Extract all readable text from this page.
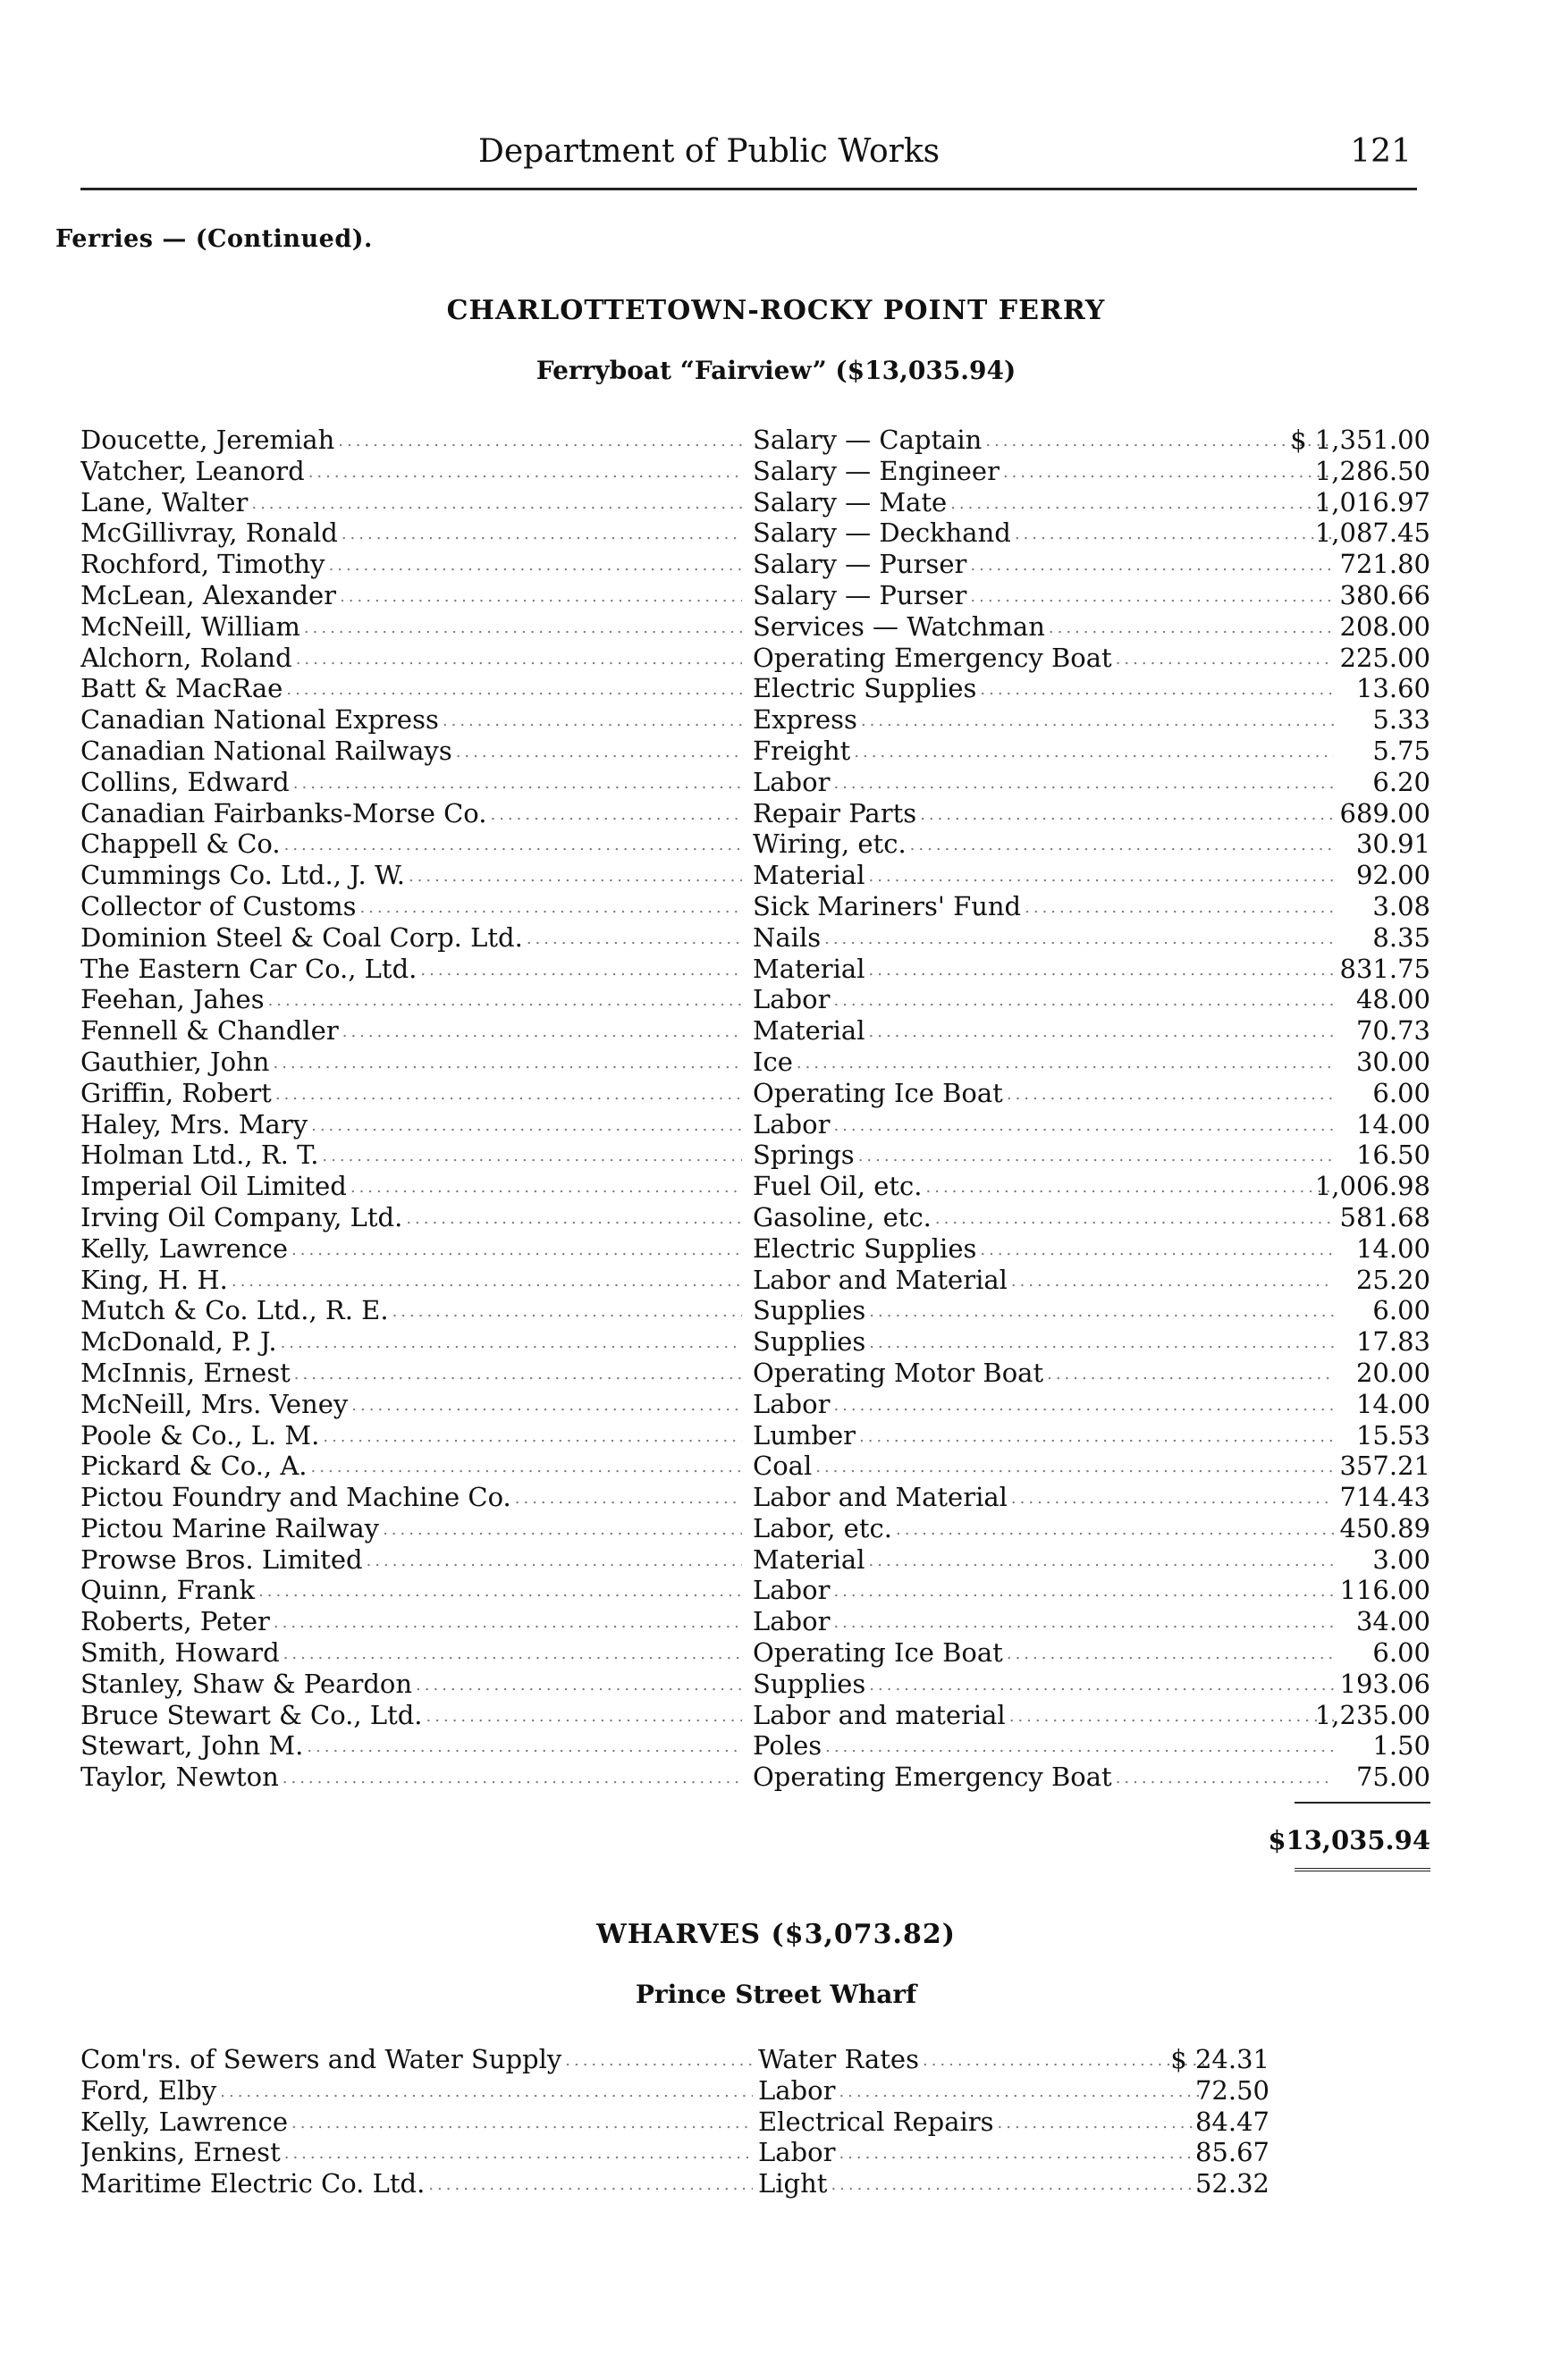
Department of Public Works	121
Ferries — (Continued).
CHARLOTTETOWN-ROCKY POINT FERRY
Ferryboat “Fairview” ($13,035.94)
Doucette, Jeremiah .....	Salary — Captain .....	$ 1,351.00
Vatcher, Leanord .....	Salary — Engineer .....	1,286.50
Lane, Walter .....	Salary — Mate .....	1,016.97
McGillivray, Ronald .....	Salary — Deckhand .....	1,087.45
Rochford, Timothy .....	Salary — Purser .....	721.80
McLean, Alexander .....	Salary — Purser .....	380.66
McNeill, William .....	Services — Watchman .....	208.00
Alchorn, Roland .....	Operating Emergency Boat .....	225.00
Batt & MacRae .....	Electric Supplies .....	13.60
Canadian National Express .....	Express .....	5.33
Canadian National Railways .....	Freight .....	5.75
Collins, Edward .....	Labor .....	6.20
Canadian Fairbanks-Morse Co. .....	Repair Parts .....	689.00
Chappell & Co. .....	Wiring, etc. .....	30.91
Cummings Co. Ltd., J. W. .....	Material .....	92.00
Collector of Customs .....	Sick Mariners' Fund .....	3.08
Dominion Steel & Coal Corp. Ltd. .....	Nails .....	8.35
The Eastern Car Co., Ltd. .....	Material .....	831.75
Feehan, Jahes .....	Labor .....	48.00
Fennell & Chandler .....	Material .....	70.73
Gauthier, John .....	Ice .....	30.00
Griffin, Robert .....	Operating Ice Boat .....	6.00
Haley, Mrs. Mary .....	Labor .....	14.00
Holman Ltd., R. T. .....	Springs .....	16.50
Imperial Oil Limited .....	Fuel Oil, etc. .....	1,006.98
Irving Oil Company, Ltd. .....	Gasoline, etc. .....	581.68
Kelly, Lawrence .....	Electric Supplies .....	14.00
King, H. H. .....	Labor and Material .....	25.20
Mutch & Co. Ltd., R. E. .....	Supplies .....	6.00
McDonald, P. J. .....	Supplies .....	17.83
McInnis, Ernest .....	Operating Motor Boat .....	20.00
McNeill, Mrs. Veney .....	Labor .....	14.00
Poole & Co., L. M. .....	Lumber .....	15.53
Pickard & Co., A. .....	Coal .....	357.21
Pictou Foundry and Machine Co. .....	Labor and Material .....	714.43
Pictou Marine Railway .....	Labor, etc. .....	450.89
Prowse Bros. Limited .....	Material .....	3.00
Quinn, Frank .....	Labor .....	116.00
Roberts, Peter .....	Labor .....	34.00
Smith, Howard .....	Operating Ice Boat .....	6.00
Stanley, Shaw & Peardon .....	Supplies .....	193.06
Bruce Stewart & Co., Ltd. .....	Labor and material .....	1,235.00
Stewart, John M. .....	Poles .....	1.50
Taylor, Newton .....	Operating Emergency Boat .....	75.00
$13,035.94
WHARVES ($3,073.82)
Prince Street Wharf
Com'rs. of Sewers and Water Supply .....	Water Rates .....	$ 24.31
Ford, Elby .....	Labor .....	72.50
Kelly, Lawrence .....	Electrical Repairs .....	84.47
Jenkins, Ernest .....	Labor .....	85.67
Maritime Electric Co. Ltd. .....	Light .....	52.32
